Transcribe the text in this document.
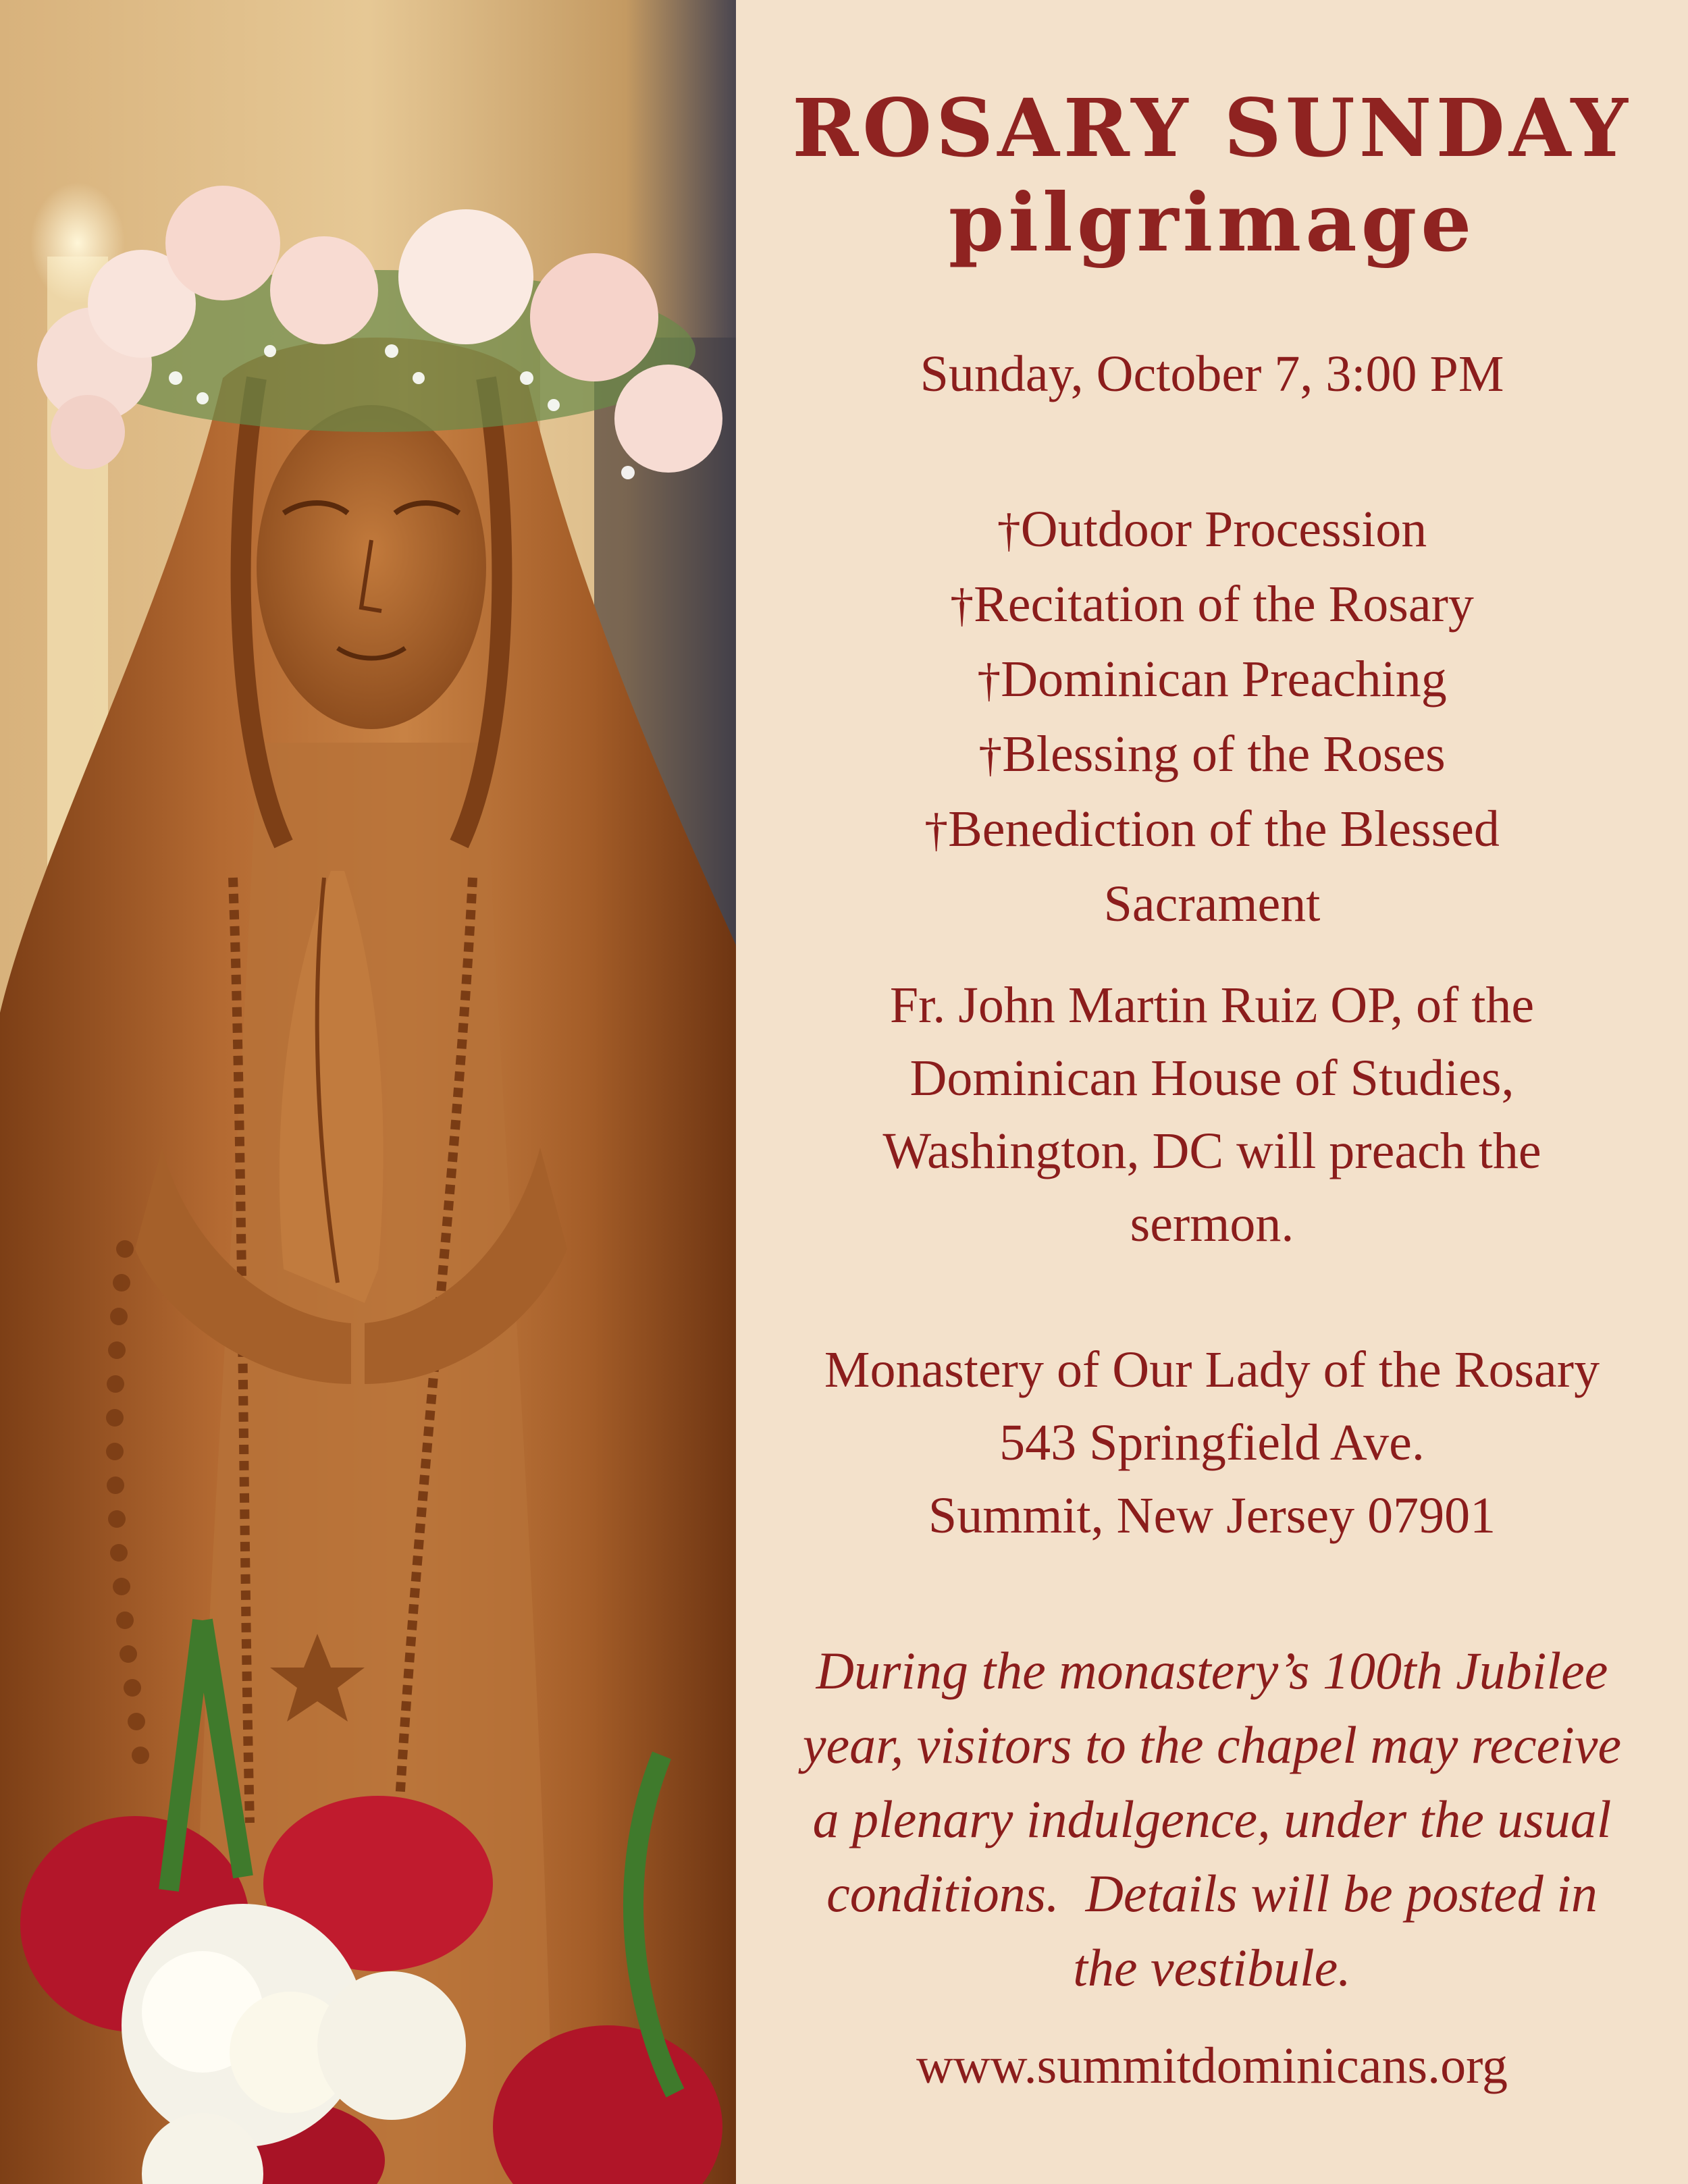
ROSARY SUNDAY
pilgrimage
Sunday, October 7, 3:00 PM
†Outdoor Procession
†Recitation of the Rosary
†Dominican Preaching
†Blessing of the Roses
†Benediction of the Blessed
Sacrament
Fr. John Martin Ruiz OP, of the
Dominican House of Studies,
Washington, DC will preach the
sermon.
Monastery of Our Lady of the Rosary
543 Springfield Ave.
Summit, New Jersey 07901
During the monastery’s 100th Jubilee
year, visitors to the chapel may receive
a plenary indulgence, under the usual
conditions.  Details will be posted in
the vestibule.
www.summitdominicans.org
